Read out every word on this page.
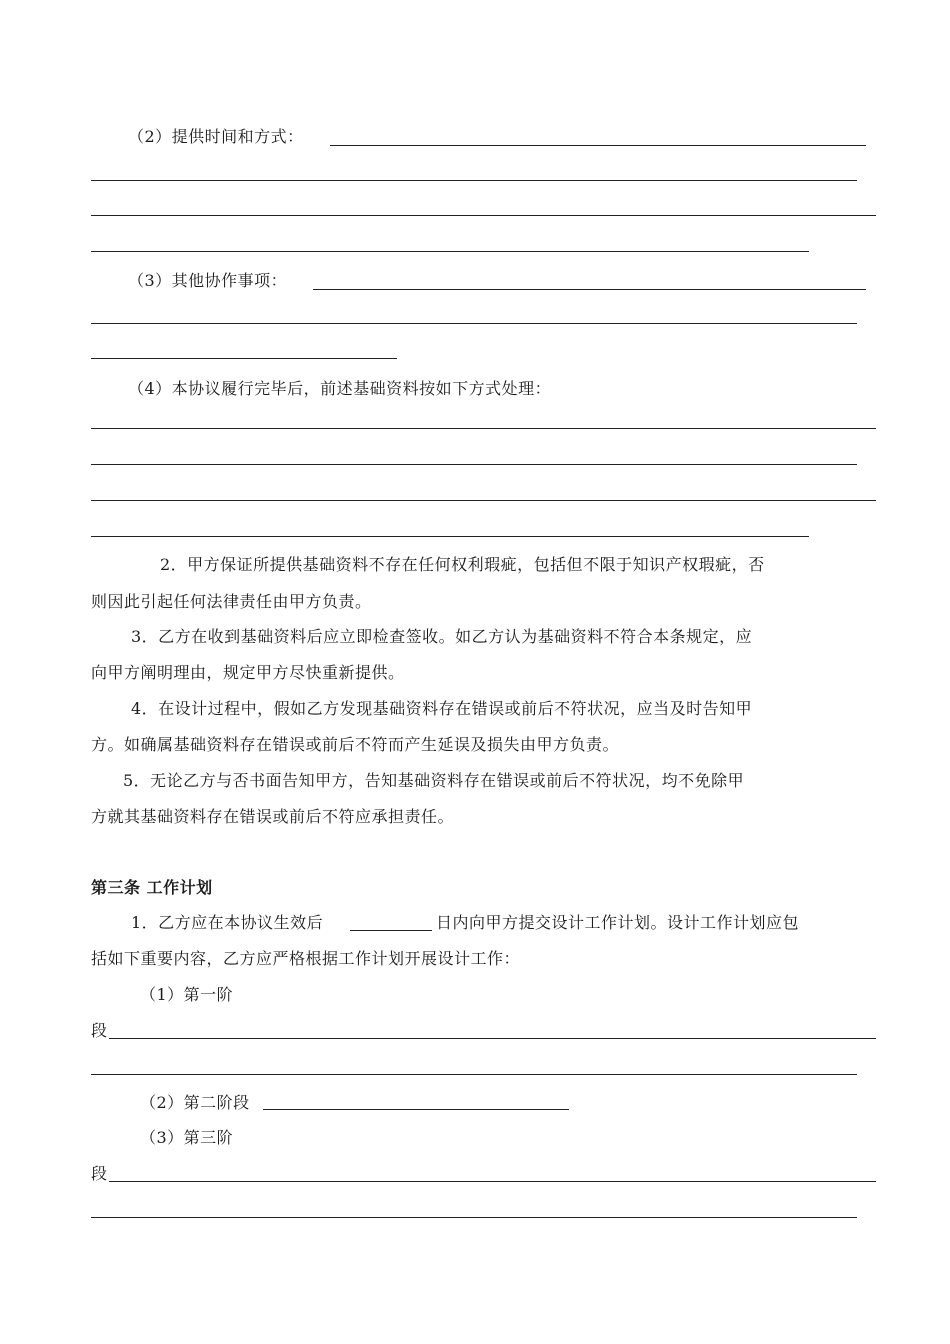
（2）提供时间和方式：
（3）其他协作事项：
（4）本协议履行完毕后，前述基础资料按如下方式处理：
2．甲方保证所提供基础资料不存在任何权利瑕疵，包括但不限于知识产权瑕疵，否
则因此引起任何法律责任由甲方负责。
3．乙方在收到基础资料后应立即检查签收。如乙方认为基础资料不符合本条规定，应
向甲方阐明理由，规定甲方尽快重新提供。
4．在设计过程中，假如乙方发现基础资料存在错误或前后不符状况，应当及时告知甲
方。如确属基础资料存在错误或前后不符而产生延误及损失由甲方负责。
5．无论乙方与否书面告知甲方，告知基础资料存在错误或前后不符状况，均不免除甲
方就其基础资料存在错误或前后不符应承担责任。
第三条 工作计划
1．乙方应在本协议生效后	日内向甲方提交设计工作计划。设计工作计划应包
括如下重要内容，乙方应严格根据工作计划开展设计工作：
（1）第一阶
段
（2）第二阶段
（3）第三阶
段
